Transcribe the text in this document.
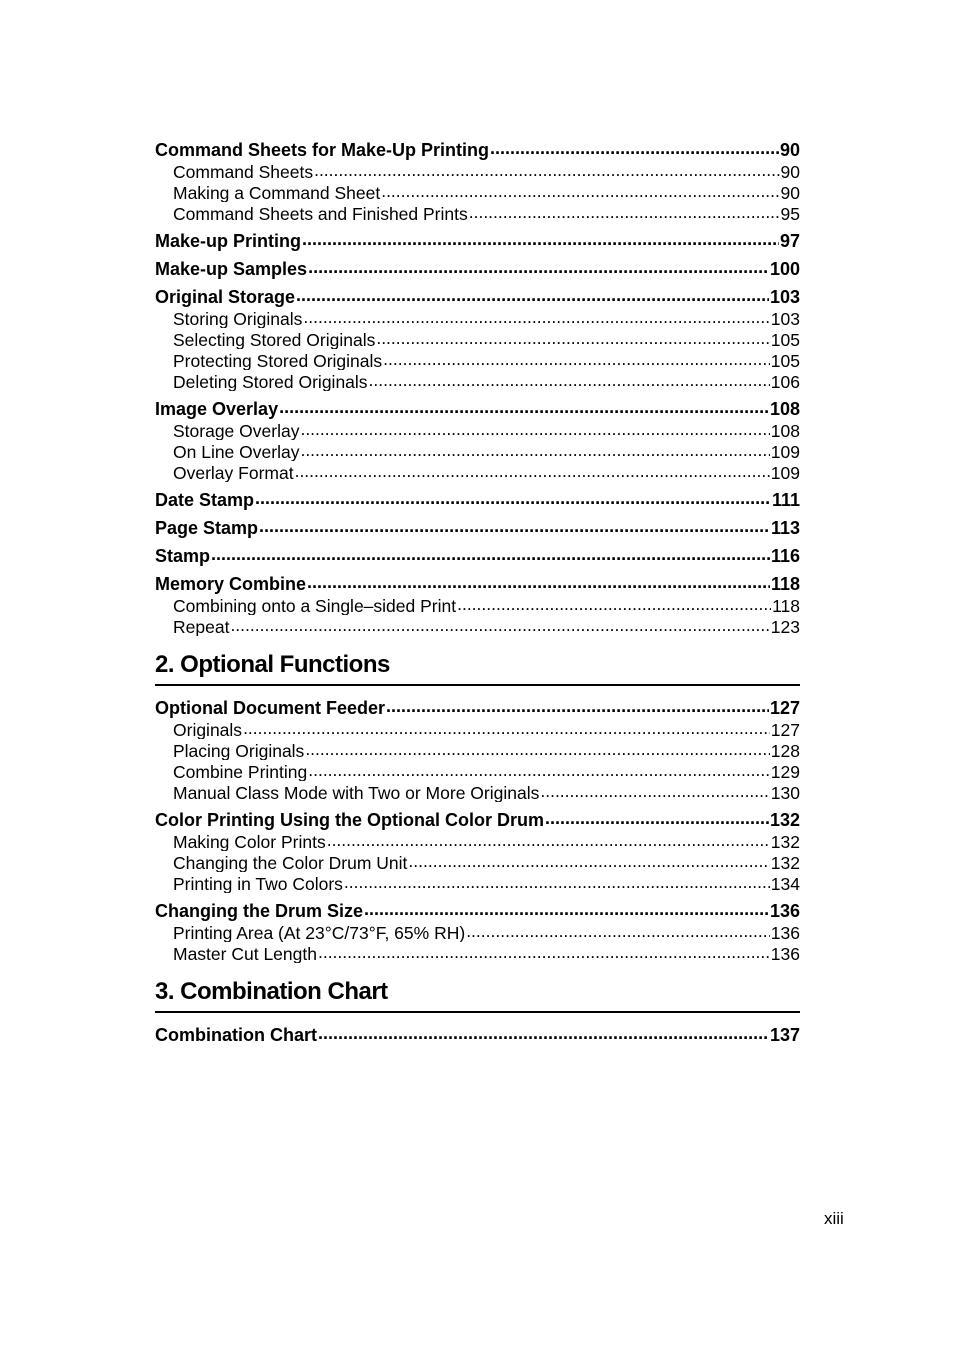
Command Sheets for Make-Up Printing .....	90
Command Sheets .....	90
Making a Command Sheet .....	90
Command Sheets and Finished Prints .....	95
Make-up Printing .....	97
Make-up Samples .....	100
Original Storage .....	103
Storing Originals .....	103
Selecting Stored Originals .....	105
Protecting Stored Originals .....	105
Deleting Stored Originals .....	106
Image Overlay .....	108
Storage Overlay .....	108
On Line Overlay .....	109
Overlay Format .....	109
Date Stamp .....	111
Page Stamp .....	113
Stamp .....	116
Memory Combine .....	118
Combining onto a Single–sided Print .....	118
Repeat .....	123
2. Optional Functions
Optional Document Feeder .....	127
Originals .....	127
Placing Originals .....	128
Combine Printing .....	129
Manual Class Mode with Two or More Originals .....	130
Color Printing Using the Optional Color Drum .....	132
Making Color Prints .....	132
Changing the Color Drum Unit .....	132
Printing in Two Colors .....	134
Changing the Drum Size .....	136
Printing Area (At 23°C/73°F, 65% RH) .....	136
Master Cut Length .....	136
3. Combination Chart
Combination Chart .....	137
xiii
